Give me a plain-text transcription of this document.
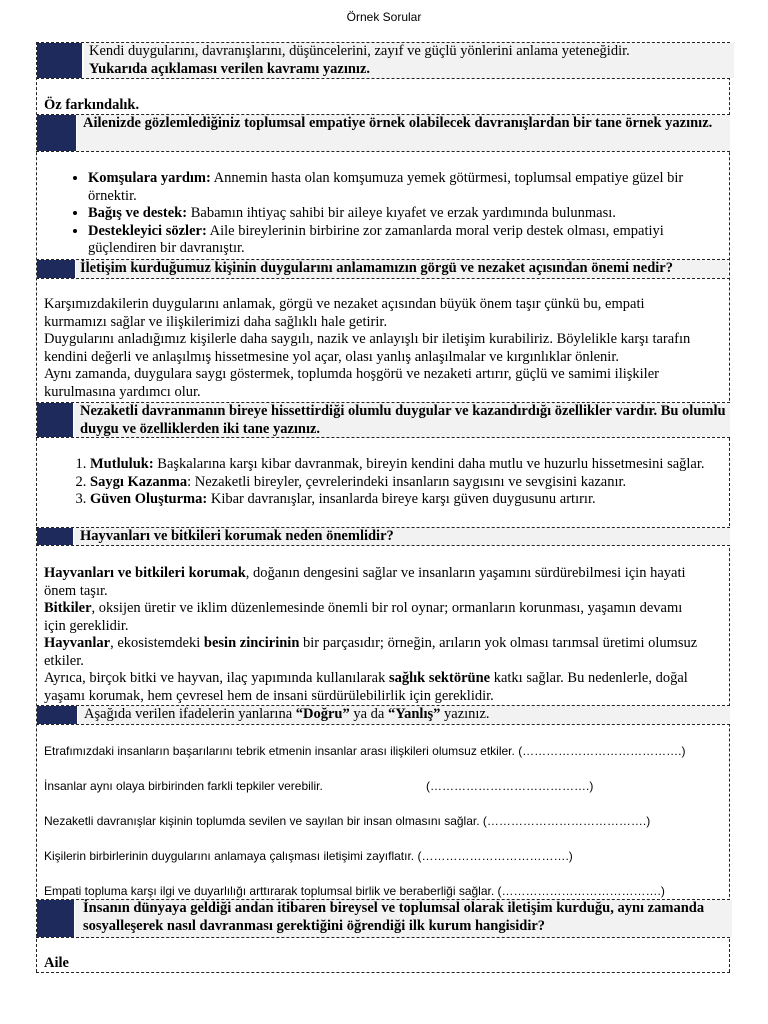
Örnek Sorular
Kendi duygularını, davranışlarını, düşüncelerini, zayıf ve güçlü yönlerini anlama yeteneğidir.
Yukarıda açıklaması verilen kavramı yazınız.
Öz farkındalık.
Ailenizde gözlemlediğiniz toplumsal empatiye örnek olabilecek davranışlardan bir tane örnek yazınız.
• Komşulara yardım: Annemin hasta olan komşumuza yemek götürmesi, toplumsal empatiye güzel bir örnektir.
• Bağış ve destek: Babamın ihtiyaç sahibi bir aileye kıyafet ve erzak yardımında bulunması.
• Destekleyici sözler: Aile bireylerinin birbirine zor zamanlarda moral verip destek olması, empatiyi güçlendiren bir davranıştır.
İletişim kurduğumuz kişinin duygularını anlamamızın görgü ve nezaket açısından önemi nedir?
Karşımızdakilerin duygularını anlamak, görgü ve nezaket açısından büyük önem taşır çünkü bu, empati kurmamızı sağlar ve ilişkilerimizi daha sağlıklı hale getirir.
Duygularını anladığımız kişilerle daha saygılı, nazik ve anlayışlı bir iletişim kurabiliriz. Böylelikle karşı tarafın kendini değerli ve anlaşılmış hissetmesine yol açar, olası yanlış anlaşılmalar ve kırgınlıklar önlenir.
Aynı zamanda, duygulara saygı göstermek, toplumda hoşgörü ve nezaketi artırır, güçlü ve samimi ilişkiler kurulmasına yardımcı olur.
Nezaketli davranmanın bireye hissettirdiği olumlu duygular ve kazandırdığı özellikler vardır. Bu olumlu duygu ve özelliklerden iki tane yazınız.
1. Mutluluk: Başkalarına karşı kibar davranmak, bireyin kendini daha mutlu ve huzurlu hissetmesini sağlar.
2. Saygı Kazanma: Nezaketli bireyler, çevrelerindeki insanların saygısını ve sevgisini kazanır.
3. Güven Oluşturma: Kibar davranışlar, insanlarda bireye karşı güven duygusunu artırır.
Hayvanları ve bitkileri korumak neden önemlidir?
Hayvanları ve bitkileri korumak, doğanın dengesini sağlar ve insanların yaşamını sürdürebilmesi için hayati önem taşır.
Bitkiler, oksijen üretir ve iklim düzenlemesinde önemli bir rol oynar; ormanların korunması, yaşamın devamı için gereklidir.
Hayvanlar, ekosistemdeki besin zincirinin bir parçasıdır; örneğin, arıların yok olması tarımsal üretimi olumsuz etkiler.
Ayrıca, birçok bitki ve hayvan, ilaç yapımında kullanılarak sağlık sektörüne katkı sağlar. Bu nedenlerle, doğal yaşamı korumak, hem çevresel hem de insani sürdürülebilirlik için gereklidir.
Aşağıda verilen ifadelerin yanlarına “Doğru” ya da “Yanlış” yazınız.
Etrafımızdaki insanların başarılarını tebrik etmenin insanlar arası ilişkileri olumsuz etkiler. (………………………………….)
İnsanlar aynı olaya birbirinden farkli tepkiler verebilir.	(………………………………….)
Nezaketli davranışlar kişinin toplumda sevilen ve sayılan bir insan olmasını sağlar. (………………………………….)
Kişilerin birbirlerinin duygularını anlamaya çalışması iletişimi zayıflatır. (……………………………….)
Empati topluma karşı ilgi ve duyarlılığı arttırarak toplumsal birlik ve beraberliği sağlar. (………………………………….)
İnsanın dünyaya geldiği andan itibaren bireysel ve toplumsal olarak iletişim kurduğu, aynı zamanda sosyalleşerek nasıl davranması gerektiğini öğrendiği ilk kurum hangisidir?
Aile
